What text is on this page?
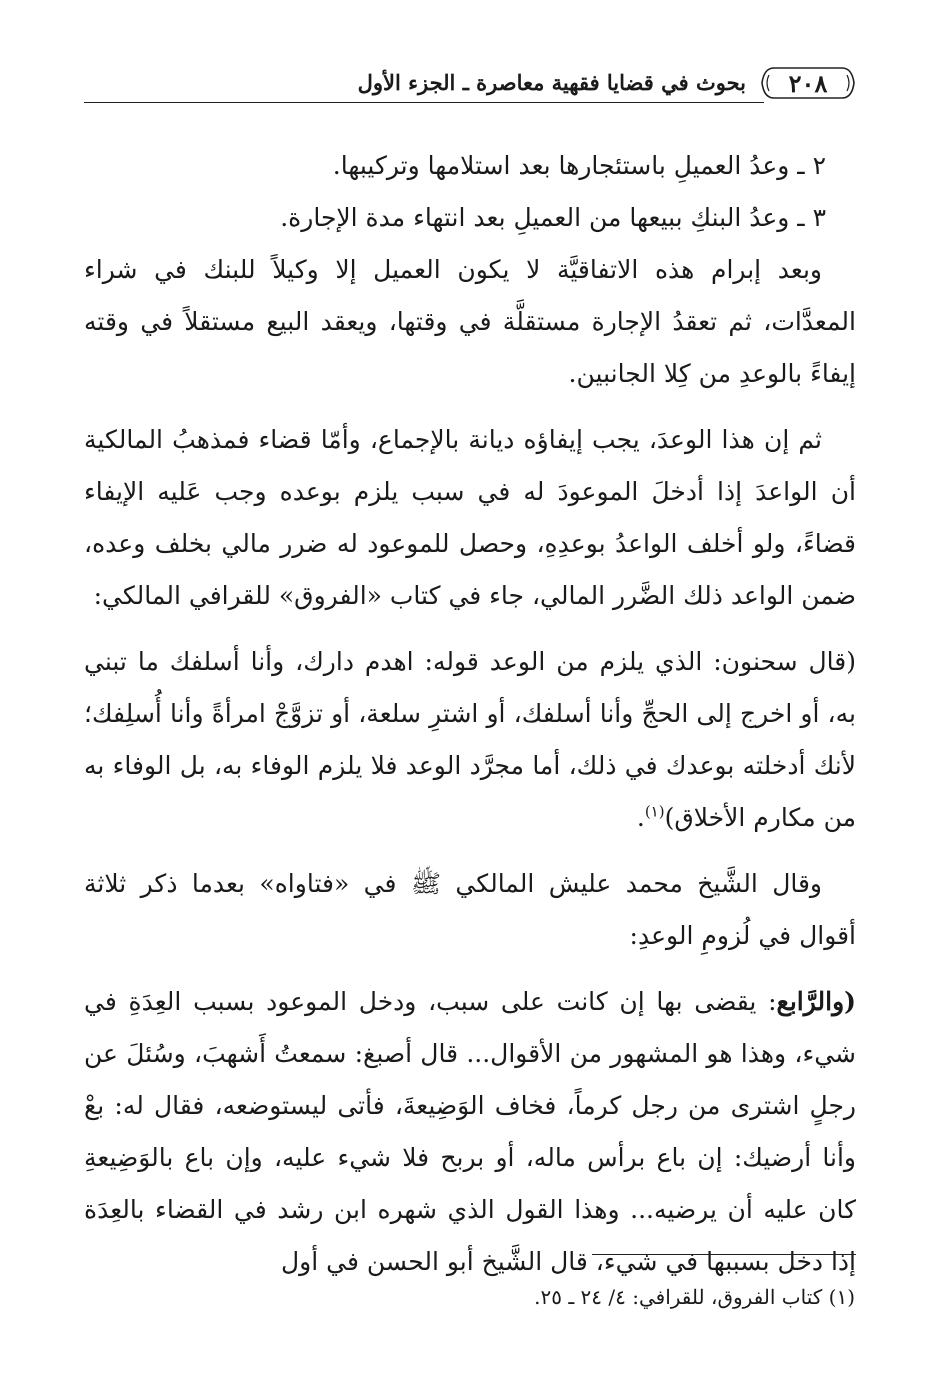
٢٠٨
بحوث في قضايا فقهية معاصرة ـ الجزء الأول

٢ ـ وعدُ العميلِ باستئجارها بعد استلامها وتركيبها.

٣ ـ وعدُ البنكِ ببيعها من العميلِ بعد انتهاء مدة الإجارة.

وبعد إبرام هذه الاتفاقيَّة لا يكون العميل إلا وكيلاً للبنك في شراء المعدَّات، ثم تعقدُ الإجارة مستقلَّة في وقتها، ويعقد البيع مستقلاً في وقته إيفاءً بالوعدِ من كِلا الجانبين.

ثم إن هذا الوعدَ، يجب إيفاؤه ديانة بالإجماع، وأمّا قضاء فمذهبُ المالكية أن الواعدَ إذا أدخلَ الموعودَ له في سبب يلزم بوعده وجب عَليه الإيفاء قضاءً، ولو أخلف الواعدُ بوعدِهِ، وحصل للموعود له ضرر مالي بخلف وعده، ضمن الواعد ذلك الضَّرر المالي، جاء في كتاب «الفروق» للقرافي المالكي:

(قال سحنون: الذي يلزم من الوعد قوله: اهدم دارك، وأنا أسلفك ما تبني به، أو اخرج إلى الحجِّ وأنا أسلفك، أو اشترِ سلعة، أو تزوَّجْ امرأةً وأنا أُسلِفك؛ لأنك أدخلته بوعدك في ذلك، أما مجرَّد الوعد فلا يلزم الوفاء به، بل الوفاء به من مكارم الأخلاق)$^{(١)}$.

وقال الشَّيخ محمد عليش المالكي ﷺ في «فتاواه» بعدما ذكر ثلاثة أقوال في لُزومِ الوعدِ:

(والرَّابع: يقضى بها إن كانت على سبب، ودخل الموعود بسبب العِدَةِ في شيء، وهذا هو المشهور من الأقوال... قال أصبغ: سمعتُ أَشهبَ، وسُئلَ عن رجلٍ اشترى من رجل كرماً، فخاف الوَضِيعةَ، فأتى ليستوضعه، فقال له: بعْ وأنا أرضيك: إن باع برأس ماله، أو بربح فلا شيء عليه، وإن باع بالوَضِيعةِ كان عليه أن يرضيه... وهذا القول الذي شهره ابن رشد في القضاء بالعِدَة إذا دخل بسببها في شيء، قال الشَّيخ أبو الحسن في أول

(١) كتاب الفروق، للقرافي: ٤/ ٢٤ ـ ٢٥.
